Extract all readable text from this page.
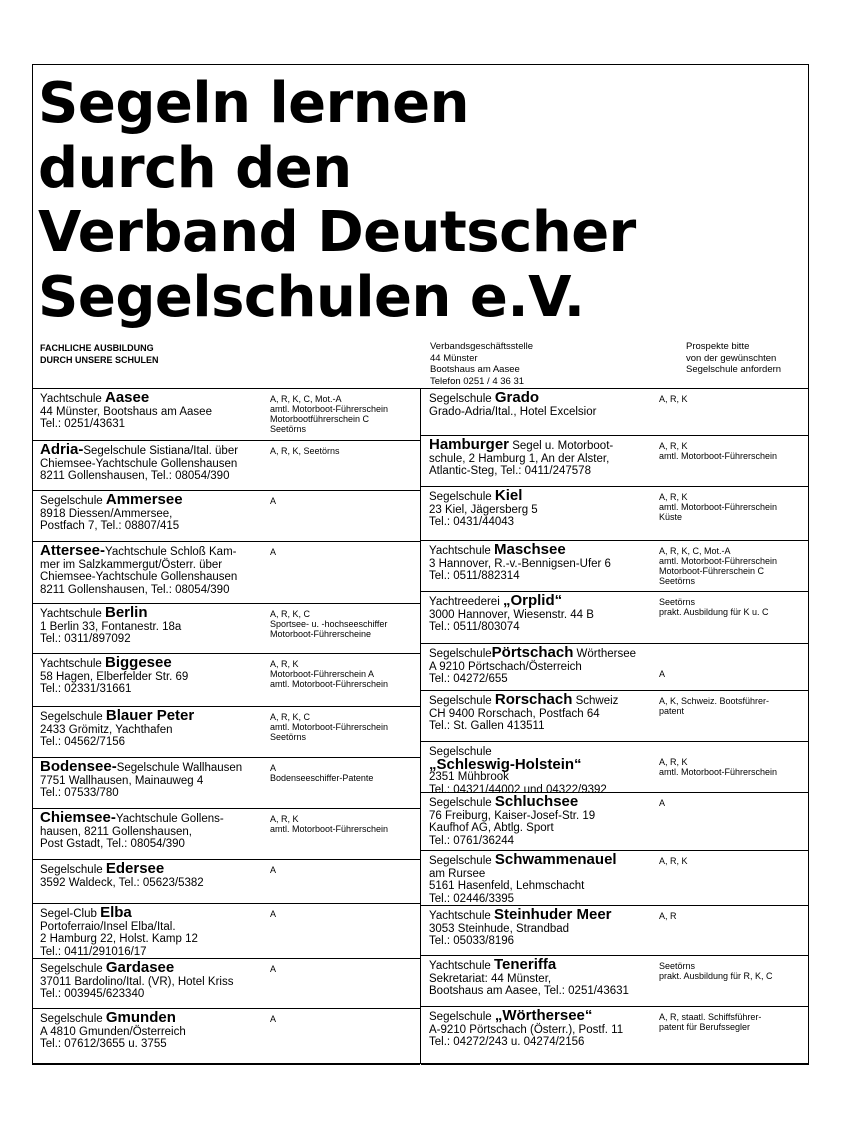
Segeln lernen
durch den
Verband Deutscher
Segelschulen e.V.
FACHLICHE AUSBILDUNG
DURCH UNSERE SCHULEN
Verbandsgeschäftsstelle
44 Münster
Bootshaus am Aasee
Telefon 0251 / 4 36 31
Prospekte bitte
von der gewünschten
Segelschule anfordern
Yachtschule Aasee
44 Münster, Bootshaus am Aasee
Tel.: 0251/43631
A, R, K, C, Mot.-A
amtl. Motorboot-Führerschein
Motorbootführerschein C
Seetörns
Adria-Segelschule Sistiana/Ital. über
Chiemsee-Yachtschule Gollenshausen
8211 Gollenshausen, Tel.: 08054/390
A, R, K, Seetörns
Segelschule Ammersee
8918 Diessen/Ammersee,
Postfach 7, Tel.: 08807/415
A
Attersee-Yachtschule Schloß Kam-
mer im Salzkammergut/Österr. über
Chiemsee-Yachtschule Gollenshausen
8211 Gollenshausen, Tel.: 08054/390
A
Yachtschule Berlin
1 Berlin 33, Fontanestr. 18a
Tel.: 0311/897092
A, R, K, C
Sportsee- u. -hochseeschiffer
Motorboot-Führerscheine
Yachtschule Biggesee
58 Hagen, Elberfelder Str. 69
Tel.: 02331/31661
A, R, K
Motorboot-Führerschein A
amtl. Motorboot-Führerschein
Segelschule Blauer Peter
2433 Grömitz, Yachthafen
Tel.: 04562/7156
A, R, K, C
amtl. Motorboot-Führerschein
Seetörns
Bodensee-Segelschule Wallhausen
7751 Wallhausen, Mainauweg 4
Tel.: 07533/780
A
Bodenseeschiffer-Patente
Chiemsee-Yachtschule Gollens-
hausen, 8211 Gollenshausen,
Post Gstadt, Tel.: 08054/390
A, R, K
amtl. Motorboot-Führerschein
Segelschule Edersee
3592 Waldeck, Tel.: 05623/5382
A
Segel-Club Elba
Portoferraio/Insel Elba/Ital.
2 Hamburg 22, Holst. Kamp 12
Tel.: 0411/291016/17
A
Segelschule Gardasee
37011 Bardolino/Ital. (VR), Hotel Kriss
Tel.: 003945/623340
A
Segelschule Gmunden
A 4810 Gmunden/Österreich
Tel.: 07612/3655 u. 3755
A
Segelschule Grado
Grado-Adria/Ital., Hotel Excelsior
A, R, K
Hamburger Segel u. Motorboot-
schule, 2 Hamburg 1, An der Alster,
Atlantic-Steg, Tel.: 0411/247578
A, R, K
amtl. Motorboot-Führerschein
Segelschule Kiel
23 Kiel, Jägersberg 5
Tel.: 0431/44043
A, R, K
amtl. Motorboot-Führerschein
Küste
Yachtschule Maschsee
3 Hannover, R.-v.-Bennigsen-Ufer 6
Tel.: 0511/882314
A, R, K, C, Mot.-A
amtl. Motorboot-Führerschein
Motorboot-Führerschein C
Seetörns
Yachtreederei „Orplid“
3000 Hannover, Wiesenstr. 44 B
Tel.: 0511/803074
Seetörns
prakt. Ausbildung für K u. C
SegelschulePörtschach Wörthersee
A 9210 Pörtschach/Österreich
Tel.: 04272/655

	A
Segelschule Rorschach Schweiz
CH 9400 Rorschach, Postfach 64
Tel.: St. Gallen 413511
A, K, Schweiz. Bootsführer-
patent
Segelschule
„Schleswig-Holstein“
2351 Mühbrook
Tel.: 04321/44002 und 04322/9392

A, R, K
amtl. Motorboot-Führerschein
Segelschule Schluchsee
76 Freiburg, Kaiser-Josef-Str. 19
Kaufhof AG, Abtlg. Sport
Tel.: 0761/36244
A
Segelschule Schwammenauel
am Rursee
5161 Hasenfeld, Lehmschacht
Tel.: 02446/3395
A, R, K
Yachtschule Steinhuder Meer
3053 Steinhude, Strandbad
Tel.: 05033/8196
A, R
Yachtschule Teneriffa
Sekretariat: 44 Münster,
Bootshaus am Aasee, Tel.: 0251/43631
Seetörns
prakt. Ausbildung für R, K, C
Segelschule „Wörthersee“
A-9210 Pörtschach (Österr.), Postf. 11
Tel.: 04272/243 u. 04274/2156
A, R, staatl. Schiffsführer-
patent für Berufssegler
